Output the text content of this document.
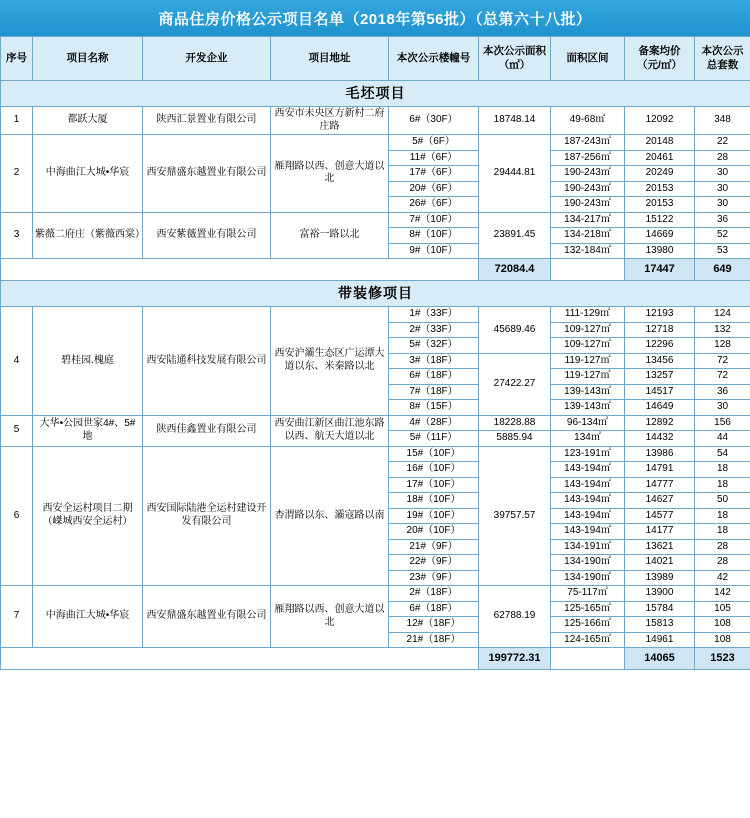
商品住房价格公示项目名单（2018年第56批）（总第六十八批）
序号	项目名称	开发企业	项目地址	本次公示楼幢号	本次公示面积（㎡）	面积区间	备案均价（元/㎡）	本次公示总套数
毛坯项目								
1	都跃大厦	陕西汇景置业有限公司	西安市未央区方新村二府庄路	6#（30F）	18748.14	49-68㎡	12092	348
2	中海曲江大城•华宸	西安鼎盛东越置业有限公司	雁翔路以西、创意大道以北	5#（6F）	29444.81	187-243㎡	20148	22
				11#（6F）		187-256㎡	20461	28
				17#（6F）		190-243㎡	20249	30
				20#（6F）		190-243㎡	20153	30
				26#（6F）		190-243㎡	20153	30
3	紫薇二府庄（紫薇西棠）	西安紫薇置业有限公司	富裕一路以北	7#（10F）	23891.45	134-217㎡	15122	36
				8#（10F）		134-218㎡	14669	52
				9#（10F）		132-184㎡	13980	53
					72084.4		17447	649
带装修项目								
4	碧桂园.槐庭	西安陆通科技发展有限公司	西安沪灞生态区广运潭大道以东、米秦路以北	1#（33F）	45689.46	111-129㎡	12193	124
				2#（33F）		109-127㎡	12718	132
				5#（32F）		109-127㎡	12296	128
				3#（18F）	27422.27	119-127㎡	13456	72
				6#（18F）		119-127㎡	13257	72
				7#（18F）		139-143㎡	14517	36
				8#（15F）		139-143㎡	14649	30
5	大华•公园世家4#、5#地	陕西佳鑫置业有限公司	西安曲江新区曲江池东路以西、航天大道以北	4#（28F）	18228.88	96-134㎡	12892	156
				5#（11F）	5885.94	134㎡	14432	44
6	西安全运村项目二期（嵥城西安全运村）	西安国际陆港全运村建设开发有限公司	杏渭路以东、灞寇路以南	15#（10F）	39757.57	123-191㎡	13986	54
				16#（10F）		143-194㎡	14791	18
				17#（10F）		143-194㎡	14777	18
				18#（10F）		143-194㎡	14627	50
				19#（10F）		143-194㎡	14577	18
				20#（10F）		143-194㎡	14177	18
				21#（9F）		134-191㎡	13621	28
				22#（9F）		134-190㎡	14021	28
				23#（9F）		134-190㎡	13989	42
7	中海曲江大城•华宸	西安鼎盛东越置业有限公司	雁翔路以西、创意大道以北	2#（18F）	62788.19	75-117㎡	13900	142
				6#（18F）		125-165㎡	15784	105
				12#（18F）		125-166㎡	15813	108
				21#（18F）		124-165㎡	14961	108
					199772.31		14065	1523
